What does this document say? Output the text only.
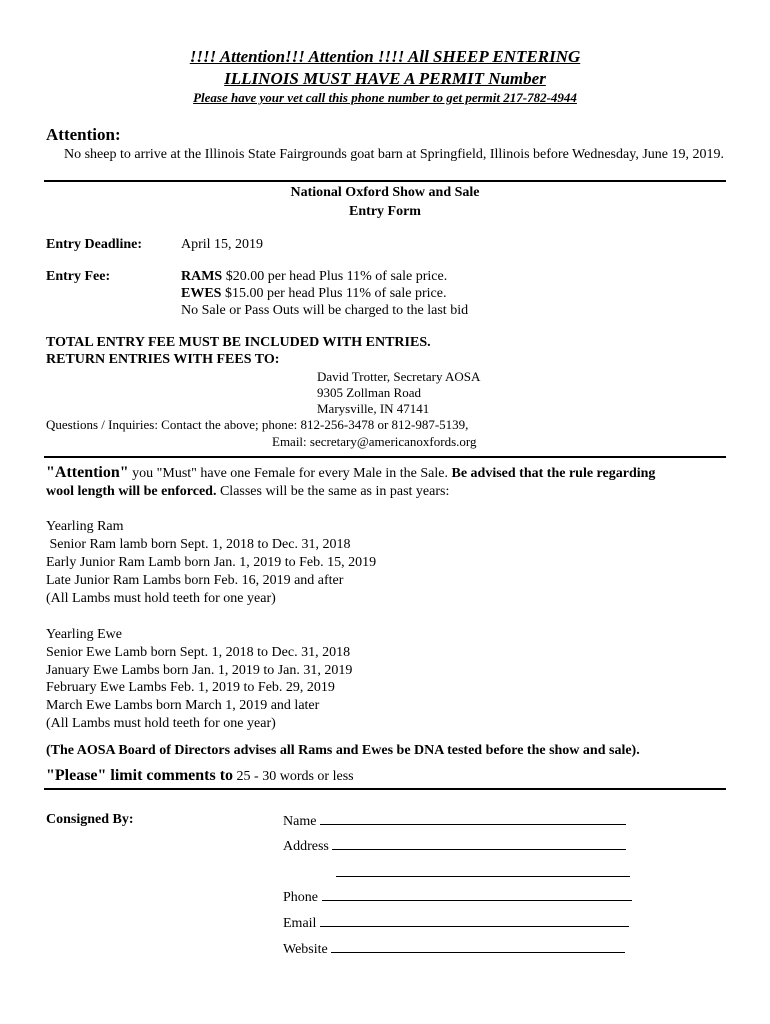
!!!! Attention!!! Attention !!!! All SHEEP ENTERING
ILLINOIS MUST HAVE A PERMIT Number
Please have your vet call this phone number to get permit 217-782-4944
Attention:
No sheep to arrive at the Illinois State Fairgrounds goat barn at Springfield, Illinois before Wednesday, June 19, 2019.
National Oxford Show and Sale
Entry Form
Entry Deadline:	April 15, 2019
Entry Fee:	RAMS $20.00 per head Plus 11% of sale price.
EWES $15.00 per head Plus 11% of sale price.
No Sale or Pass Outs will be charged to the last bid
TOTAL ENTRY FEE MUST BE INCLUDED WITH ENTRIES.
RETURN ENTRIES WITH FEES TO:
David Trotter, Secretary AOSA
9305 Zollman Road
Marysville, IN 47141
Questions / Inquiries: Contact the above; phone: 812-256-3478 or 812-987-5139,
Email: secretary@americanoxfords.org
"Attention" you "Must" have one Female for every Male in the Sale. Be advised that the rule regarding
wool length will be enforced. Classes will be the same as in past years:
Yearling Ram
Senior Ram lamb born Sept. 1, 2018 to Dec. 31, 2018
Early Junior Ram Lamb born Jan. 1, 2019 to Feb. 15, 2019
Late Junior Ram Lambs born Feb. 16, 2019 and after
(All Lambs must hold teeth for one year)
Yearling Ewe
Senior Ewe Lamb born Sept. 1, 2018 to Dec. 31, 2018
January Ewe Lambs born Jan. 1, 2019 to Jan. 31, 2019
February Ewe Lambs Feb. 1, 2019 to Feb. 29, 2019
March Ewe Lambs born March 1, 2019 and later
(All Lambs must hold teeth for one year)
(The AOSA Board of Directors advises all Rams and Ewes be DNA tested before the show and sale).
"Please" limit comments to 25 - 30 words or less
Consigned By:	Name
Address
Phone
Email
Website
